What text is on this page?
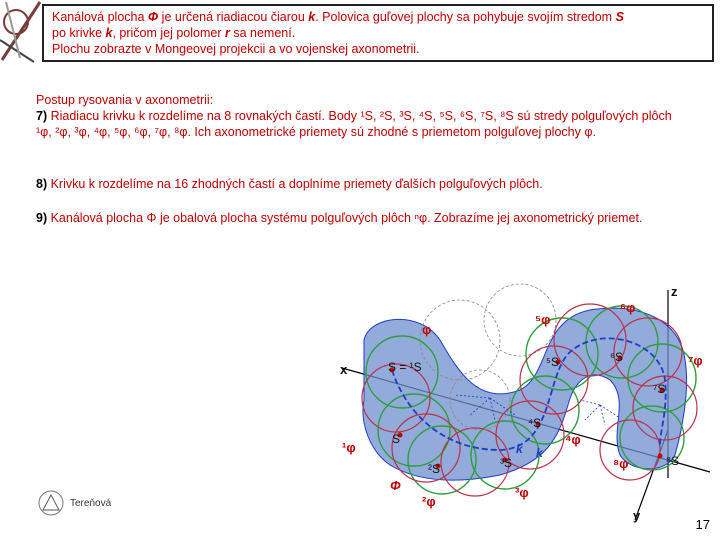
Kanálová plocha Φ je určená riadiacou čiarou k. Polovica guľovej plochy sa pohybuje svojím stredom S
po krivke k, pričom jej polomer r sa nemení.
Plochu zobrazte v Mongeovej projekcii a vo vojenskej axonometrii.
Postup rysovania v axonometrii:
7) Riadiacu krivku k rozdelíme na 8 rovnakých častí. Body ¹S, ²S, ³S, ⁴S, ⁵S, ⁶S, ⁷S, ⁸S sú stredy polguľových plôch ¹φ, ²φ, ³φ, ⁴φ, ⁵φ, ⁶φ, ⁷φ, ⁸φ. Ich axonometrické priemety sú zhodné s priemetom polguľovej plochy φ.
8) Krivku k rozdelíme na 16 zhodných častí a doplníme priemety ďalších polguľových plôch.
9) Kanálová plocha Φ je obalová plocha systému polguľových plôch ⁿφ. Zobrazíme jej axonometrický priemet.
z
x
y
φ
⁵φ
⁶φ
⁷φ
¹φ
²φ
³φ
⁴φ
⁸φ
Φ
S = ¹S	⁵S	⁶S
⁷S
²S	³S
⁴S
⁸S
S
k k
Tereňová
17
